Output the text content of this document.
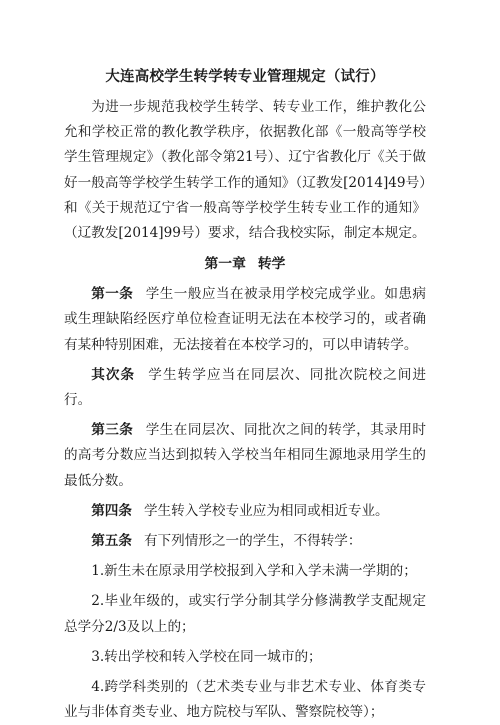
大连高校学生转学转专业管理规定（试行）

为进一步规范我校学生转学、转专业工作，维护教化公允和学校正常的教化教学秩序，依据教化部《一般高等学校学生管理规定》（教化部令第21号）、辽宁省教化厅《关于做好一般高等学校学生转学工作的通知》（辽教发[2014]49号）和《关于规范辽宁省一般高等学校学生转专业工作的通知》（辽教发[2014]99号）要求，结合我校实际，制定本规定。

第一章 转学

第一条 学生一般应当在被录用学校完成学业。如患病或生理缺陷经医疗单位检查证明无法在本校学习的，或者确有某种特别困难，无法接着在本校学习的，可以申请转学。

其次条 学生转学应当在同层次、同批次院校之间进行。

第三条 学生在同层次、同批次之间的转学，其录用时的高考分数应当达到拟转入学校当年相同生源地录用学生的最低分数。

第四条 学生转入学校专业应为相同或相近专业。

第五条 有下列情形之一的学生，不得转学：

1.新生未在原录用学校报到入学和入学未满一学期的；

2.毕业年级的，或实行学分制其学分修满教学支配规定总学分2/3及以上的；

3.转出学校和转入学校在同一城市的；

4.跨学科类别的（艺术类专业与非艺术专业、体育类专业与非体育类专业、地方院校与军队、警察院校等）；
